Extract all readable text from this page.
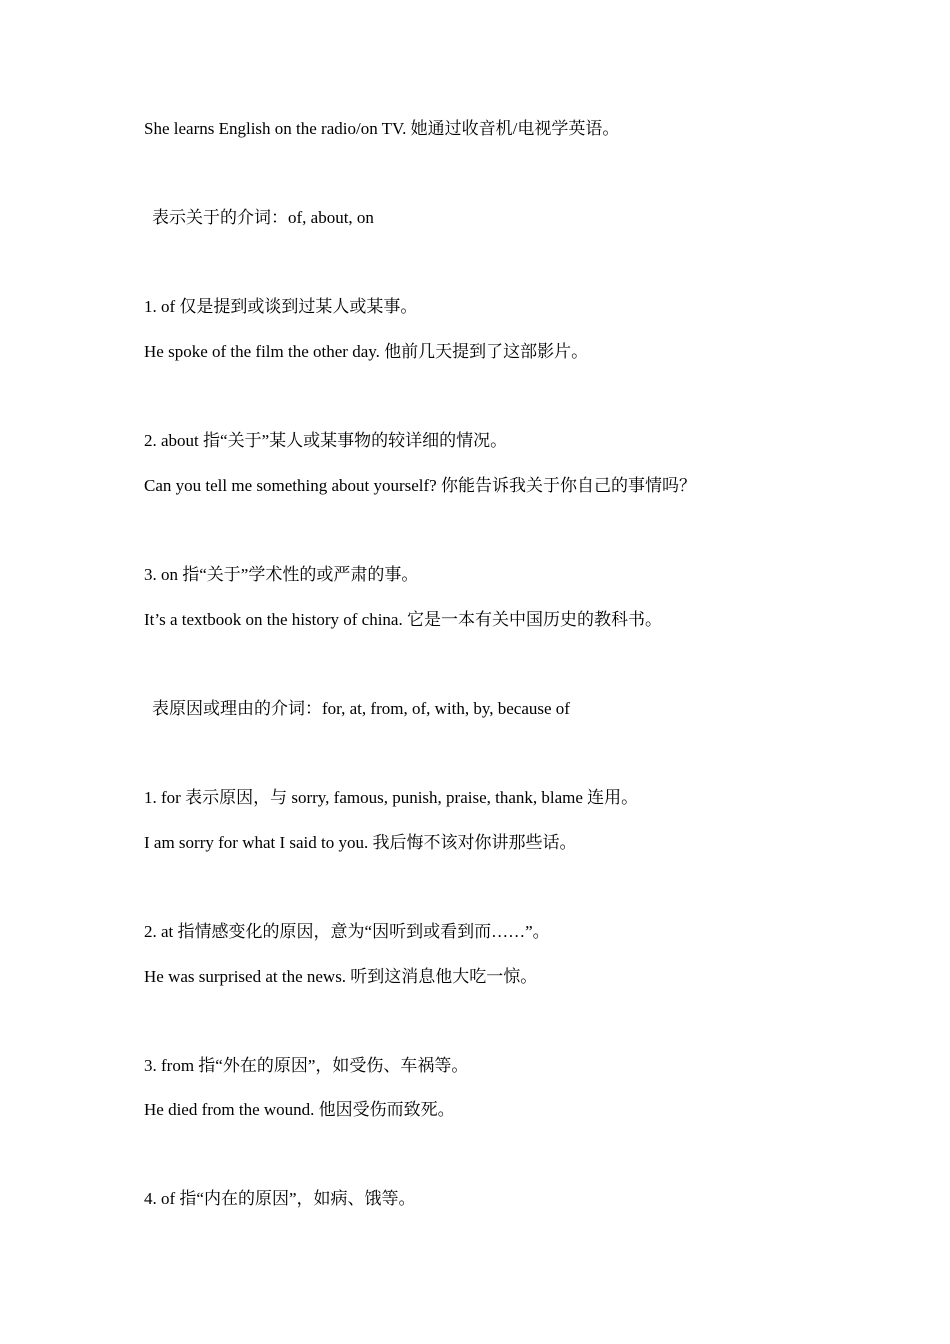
She learns English on the radio/on TV. 她通过收音机/电视学英语。
表示关于的介词：of, about, on
1. of 仅是提到或谈到过某人或某事。
He spoke of the film the other day. 他前几天提到了这部影片。
2. about 指“关于”某人或某事物的较详细的情况。
Can you tell me something about yourself? 你能告诉我关于你自己的事情吗？
3. on 指“关于”学术性的或严肃的事。
It’s a textbook on the history of china. 它是一本有关中国历史的教科书。
表原因或理由的介词：for, at, from, of, with, by, because of
1. for 表示原因，与 sorry, famous, punish, praise, thank, blame 连用。
I am sorry for what I said to you. 我后悔不该对你讲那些话。
2. at 指情感变化的原因，意为“因听到或看到而……”。
He was surprised at the news. 听到这消息他大吃一惊。
3. from 指“外在的原因”，如受伤、车祸等。
He died from the wound. 他因受伤而致死。
4. of 指“内在的原因”，如病、饿等。
